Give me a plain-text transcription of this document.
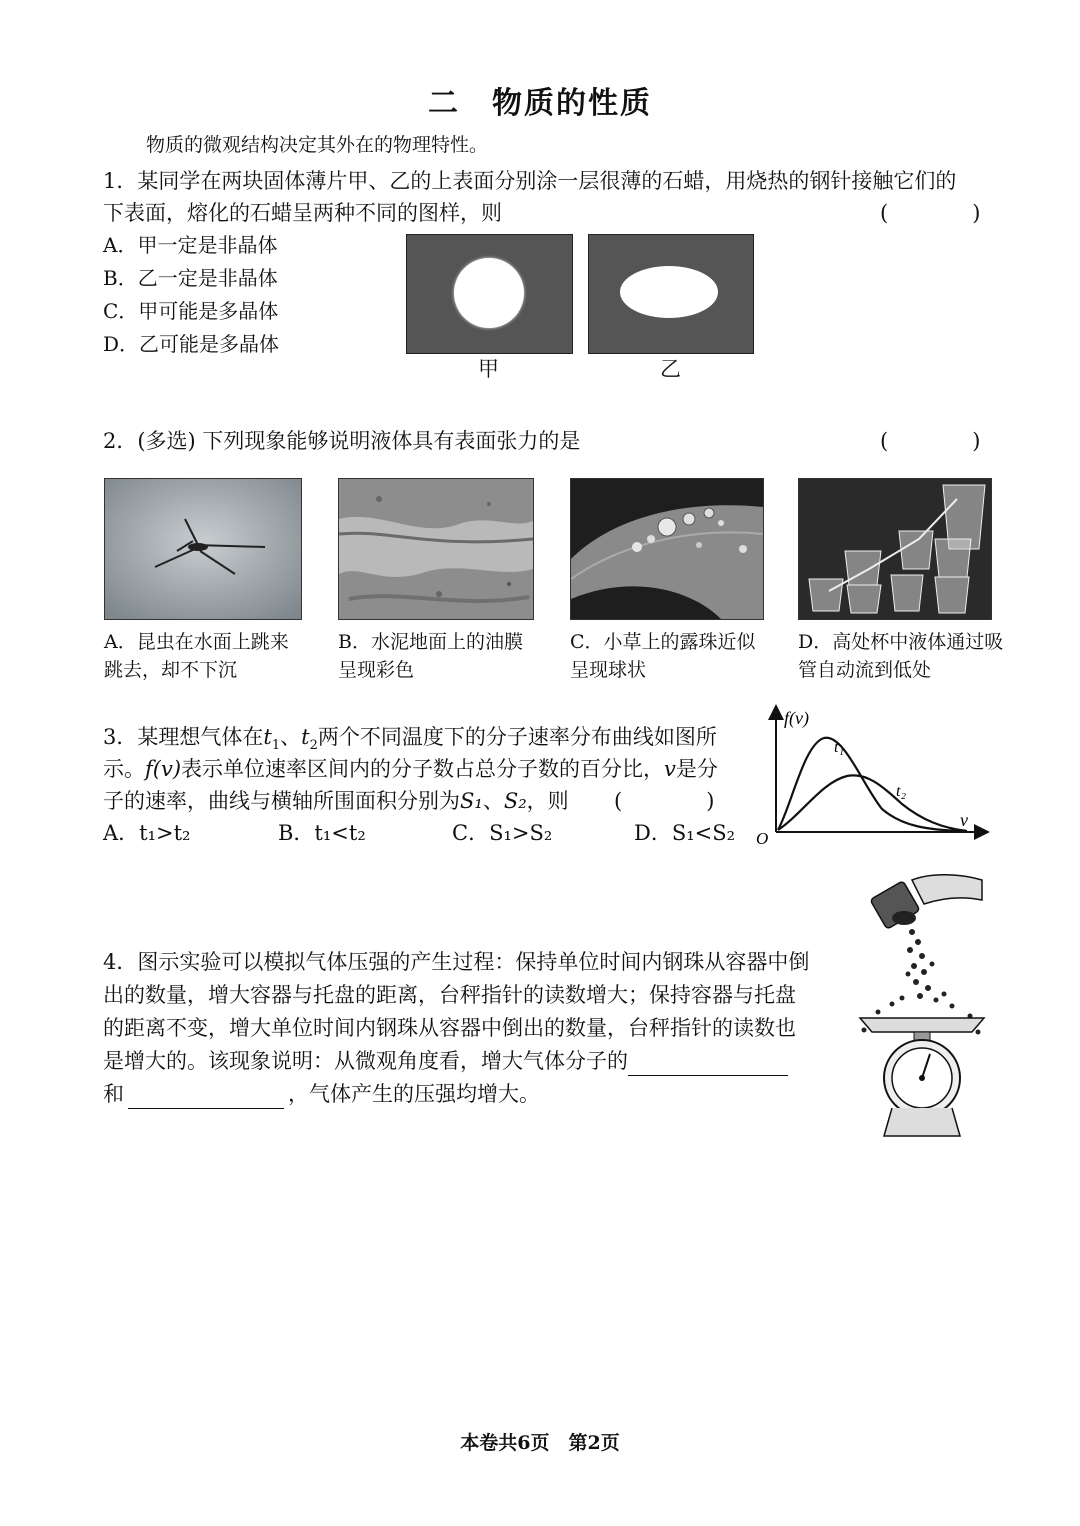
二　物质的性质
物质的微观结构决定其外在的物理特性。
1．某同学在两块固体薄片甲、乙的上表面分别涂一层很薄的石蜡，用烧热的钢针接触它们的
下表面，熔化的石蜡呈两种不同的图样，则	(　　　　)
A．甲一定是非晶体
B．乙一定是非晶体
C．甲可能是多晶体
D．乙可能是多晶体
甲	乙
2．(多选) 下列现象能够说明液体具有表面张力的是	(　　　　)
A．昆虫在水面上跳来跳去，却不下沉
B．水泥地面上的油膜呈现彩色
C．小草上的露珠近似呈现球状
D．高处杯中液体通过吸管自动流到低处
3．某理想气体在$t_1$、$t_2$两个不同温度下的分子速率分布曲线如图所
示。f(v)表示单位速率区间内的分子数占总分子数的百分比，v是分
子的速率，曲线与横轴所围面积分别为S₁、S₂，则 (　　　　)
A．t₁>t₂	B．t₁<t₂	C．S₁>S₂	D．S₁<S₂
f(v)
v
O
t₁
t₂
4．图示实验可以模拟气体压强的产生过程：保持单位时间内钢珠从容器中倒
出的数量，增大容器与托盘的距离，台秤指针的读数增大；保持容器与托盘
的距离不变，增大单位时间内钢珠从容器中倒出的数量，台秤指针的读数也
是增大的。该现象说明：从微观角度看，增大气体分子的
和	，气体产生的压强均增大。
本卷共6页　第2页
